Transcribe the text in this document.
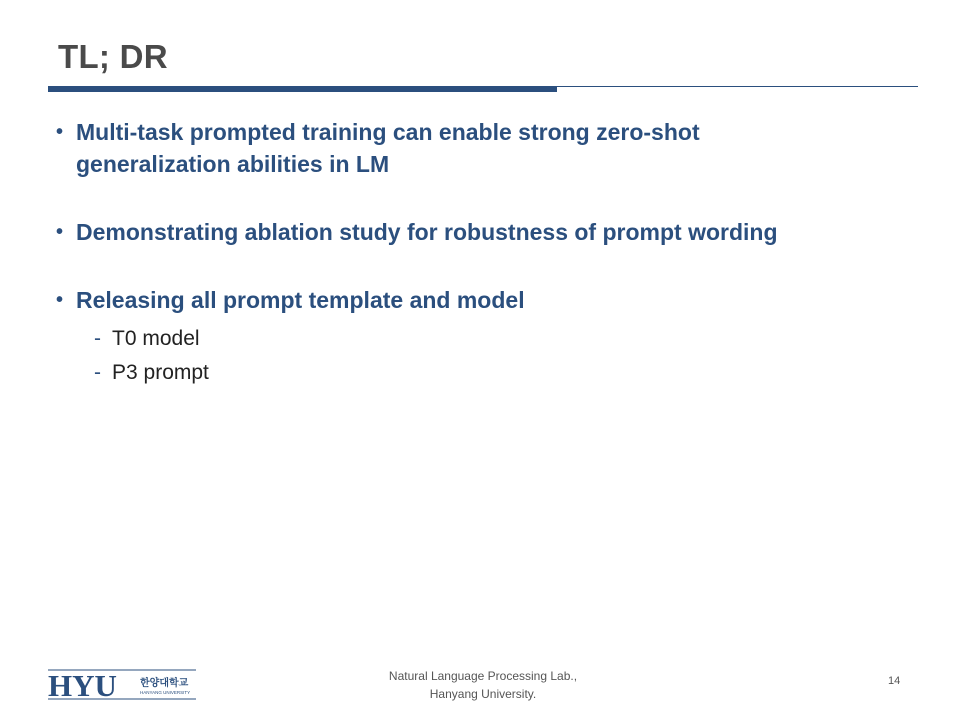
TL; DR
• Multi-task prompted training can enable strong zero-shot
generalization abilities in LM
• Demonstrating ablation study for robustness of prompt wording
• Releasing all prompt template and model
- T0 model
- P3 prompt
HYU 한양대학교
HANYANG UNIVERSITY
Natural Language Processing Lab.,
Hanyang University.
14
